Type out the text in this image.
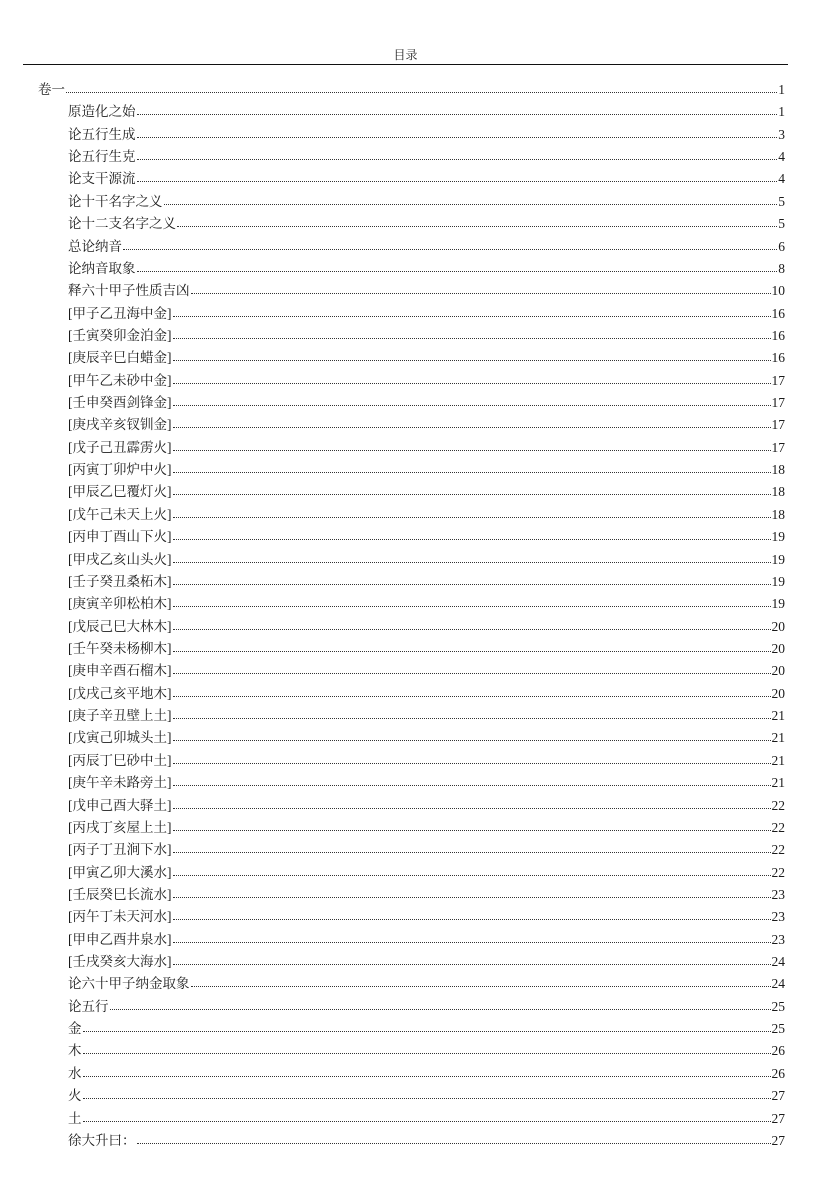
目录
卷一	1
原造化之始	1
论五行生成	3
论五行生克	4
论支干源流	4
论十干名字之义	5
论十二支名字之义	5
总论纳音	6
论纳音取象	8
释六十甲子性质吉凶	10
[甲子乙丑海中金]	16
[壬寅癸卯金泊金]	16
[庚辰辛巳白蜡金]	16
[甲午乙未砂中金]	17
[壬申癸酉剑锋金]	17
[庚戌辛亥钗钏金]	17
[戊子己丑霹雳火]	17
[丙寅丁卯炉中火]	18
[甲辰乙巳覆灯火]	18
[戊午己未天上火]	18
[丙申丁酉山下火]	19
[甲戌乙亥山头火]	19
[壬子癸丑桑柘木]	19
[庚寅辛卯松柏木]	19
[戊辰己巳大林木]	20
[壬午癸未杨柳木]	20
[庚申辛酉石榴木]	20
[戊戌己亥平地木]	20
[庚子辛丑壁上土]	21
[戊寅己卯城头土]	21
[丙辰丁巳砂中土]	21
[庚午辛未路旁土]	21
[戊申己酉大驿土]	22
[丙戌丁亥屋上土]	22
[丙子丁丑涧下水]	22
[甲寅乙卯大溪水]	22
[壬辰癸巳长流水]	23
[丙午丁未天河水]	23
[甲申乙酉井泉水]	23
[壬戌癸亥大海水]	24
论六十甲子纳金取象	24
论五行	25
金	25
木	26
水	26
火	27
土	27
徐大升曰：	27
